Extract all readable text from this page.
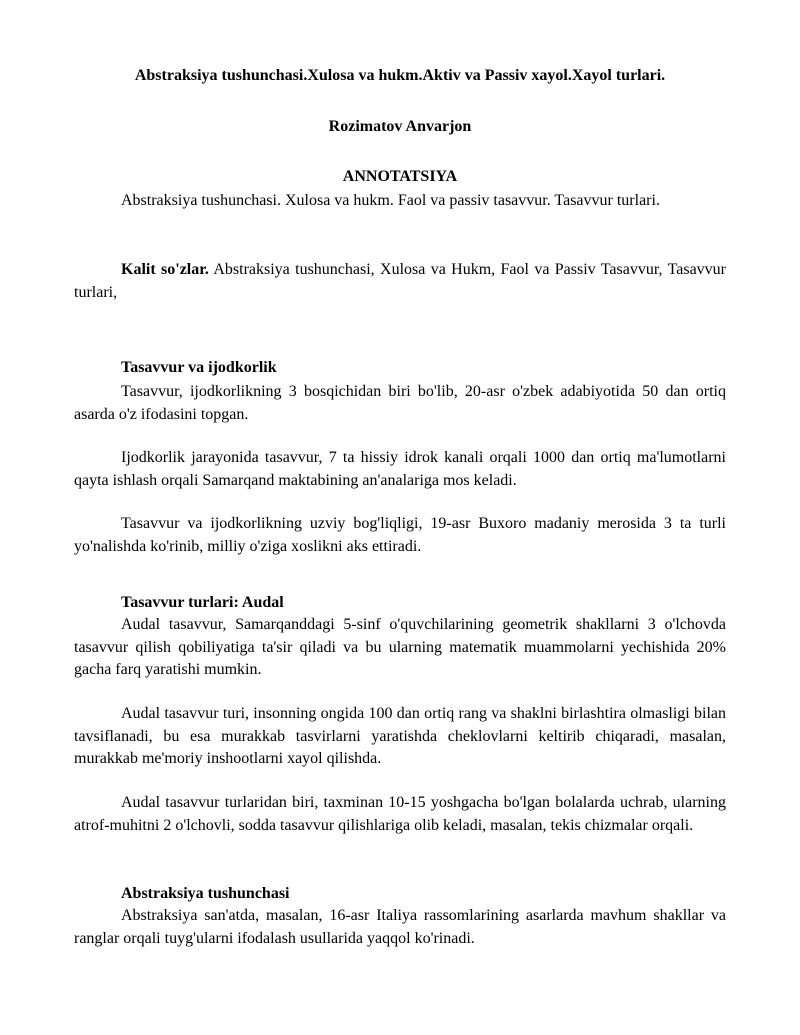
Abstraksiya tushunchasi.Xulosa va hukm.Aktiv va Passiv xayol.Xayol turlari.

Rozimatov Anvarjon

ANNOTATSIYA

Abstraksiya tushunchasi. Xulosa va hukm. Faol va passiv tasavvur. Tasavvur turlari.

Kalit so'zlar. Abstraksiya tushunchasi, Xulosa va Hukm, Faol va Passiv Tasavvur, Tasavvur turlari,

Tasavvur va ijodkorlik

Tasavvur, ijodkorlikning 3 bosqichidan biri bo'lib, 20-asr o'zbek adabiyotida 50 dan ortiq asarda o'z ifodasini topgan.

Ijodkorlik jarayonida tasavvur, 7 ta hissiy idrok kanali orqali 1000 dan ortiq ma'lumotlarni qayta ishlash orqali Samarqand maktabining an'analariga mos keladi.

Tasavvur va ijodkorlikning uzviy bog'liqligi, 19-asr Buxoro madaniy merosida 3 ta turli yo'nalishda ko'rinib, milliy o'ziga xoslikni aks ettiradi.

Tasavvur turlari: Audal

Audal tasavvur, Samarqanddagi 5-sinf o'quvchilarining geometrik shakllarni 3 o'lchovda tasavvur qilish qobiliyatiga ta'sir qiladi va bu ularning matematik muammolarni yechishida 20% gacha farq yaratishi mumkin.

Audal tasavvur turi, insonning ongida 100 dan ortiq rang va shaklni birlashtira olmasligi bilan tavsiflanadi, bu esa murakkab tasvirlarni yaratishda cheklovlarni keltirib chiqaradi, masalan, murakkab me'moriy inshootlarni xayol qilishda.

Audal tasavvur turlaridan biri, taxminan 10-15 yoshgacha bo'lgan bolalarda uchrab, ularning atrof-muhitni 2 o'lchovli, sodda tasavvur qilishlariga olib keladi, masalan, tekis chizmalar orqali.

Abstraksiya tushunchasi

Abstraksiya san'atda, masalan, 16-asr Italiya rassomlarining asarlarda mavhum shakllar va ranglar orqali tuyg'ularni ifodalash usullarida yaqqol ko'rinadi.
